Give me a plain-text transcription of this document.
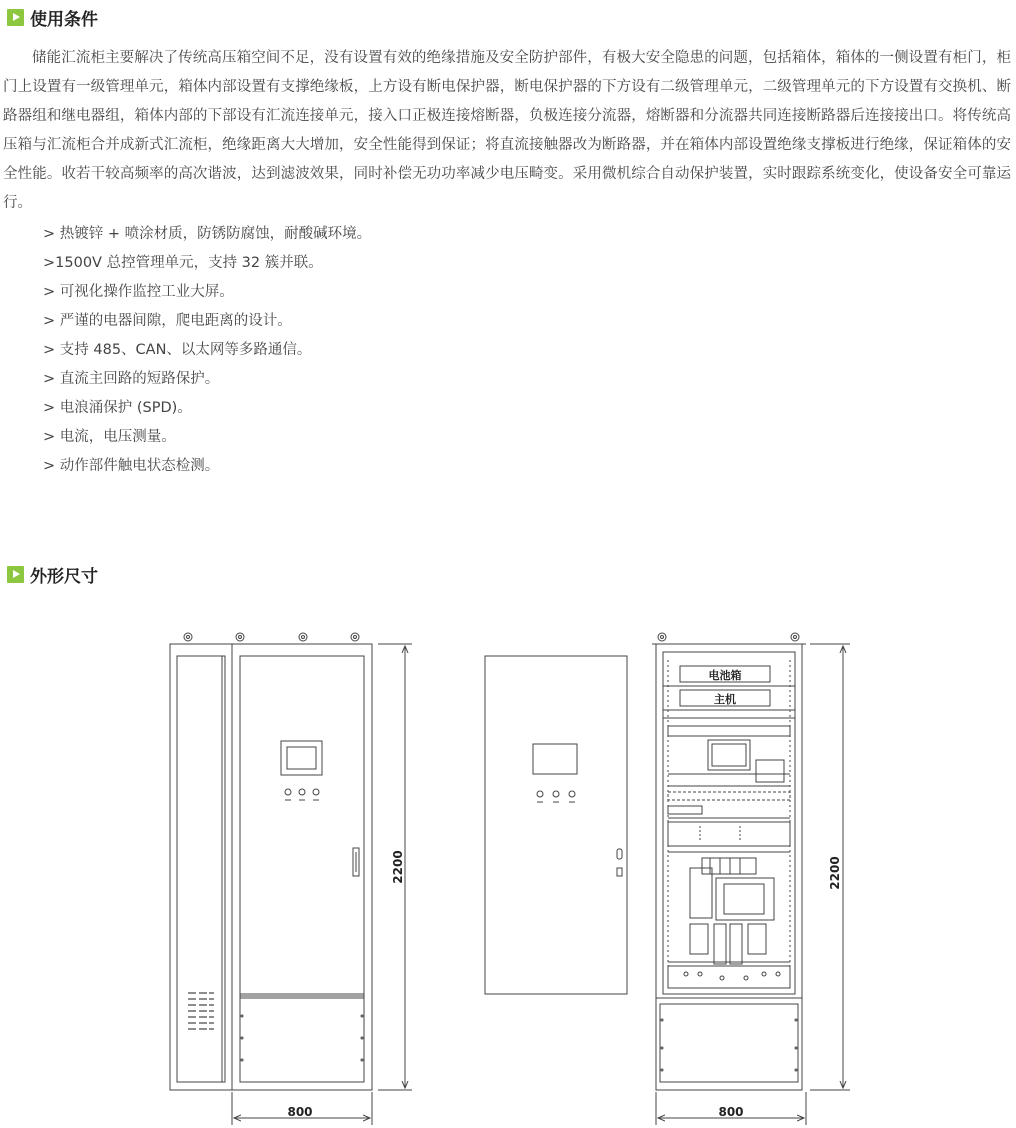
使用条件

储能汇流柜主要解决了传统高压箱空间不足，没有设置有效的绝缘措施及安全防护部件，有极大安全隐患的问题，包括箱体，箱体的一侧设置有柜门，柜门上设置有一级管理单元，箱体内部设置有支撑绝缘板，上方设有断电保护器，断电保护器的下方设有二级管理单元，二级管理单元的下方设置有交换机、断路器组和继电器组，箱体内部的下部设有汇流连接单元，接入口正极连接熔断器，负极连接分流器，熔断器和分流器共同连接断路器后连接接出口。将传统高压箱与汇流柜合并成新式汇流柜，绝缘距离大大增加，安全性能得到保证；将直流接触器改为断路器，并在箱体内部设置绝缘支撑板进行绝缘，保证箱体的安全性能。收若干较高频率的高次谐波，达到滤波效果，同时补偿无功功率减少电压畸变。采用微机综合自动保护装置，实时跟踪系统变化，使设备安全可靠运行。

> 热镀锌 + 喷涂材质，防锈防腐蚀，耐酸碱环境。
>1500V 总控管理单元，支持 32 簇并联。
> 可视化操作监控工业大屏。
> 严谨的电器间隙，爬电距离的设计。
> 支持 485、CAN、以太网等多路通信。
> 直流主回路的短路保护。
> 电浪涌保护 (SPD)。
> 电流，电压测量。
> 动作部件触电状态检测。
外形尺寸
800
2200
电池箱
主机
800
2200
